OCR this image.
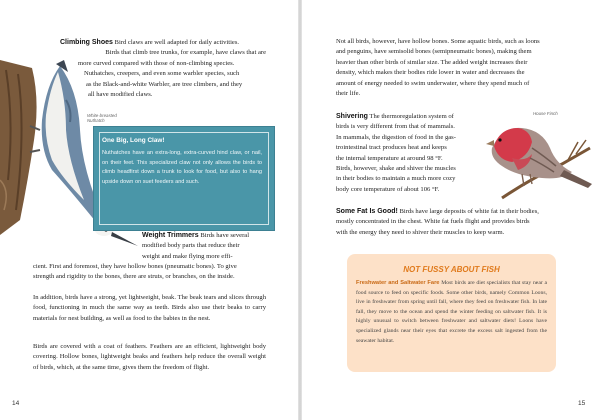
White-breasted
Nuthatch
Climbing Shoes Bird claws are well adapted for daily activities.
Birds that climb tree trunks, for example, have claws that are
more curved compared with those of non-climbing species.
Nuthatches, creepers, and even some warbler species, such
as the Black-and-white Warbler, are tree climbers, and they
all have modified claws.
One Big, Long Claw!

Nuthatches have an extra-long, extra-curved hind claw, or nail, on their feet. This specialized claw not only allows the birds to climb headfirst down a trunk to look for food, but also to hang upside down on suet feeders and such.

Weight Trimmers Birds have several
modified body parts that reduce their
weight and make flying more effi-
cient. First and foremost, they have hollow bones (pneumatic bones). To give
strength and rigidity to the bones, there are struts, or branches, on the inside.

In addition, birds have a strong, yet lightweight, beak. The beak tears and slices through food, functioning in much the same way as teeth. Birds also use their beaks to carry materials for nest building, as well as food to the babies in the nest.

Birds are covered with a coat of feathers. Feathers are an efficient, lightweight body covering. Hollow bones, lightweight beaks and feathers help reduce the overall weight of birds, which, at the same time, gives them the freedom of flight.

14
Not all birds, however, have hollow bones. Some aquatic birds, such as loons
and penguins, have semisolid bones (semipneumatic bones), making them
heavier than other birds of similar size. The added weight increases their
density, which makes their bodies ride lower in water and decreases the
amount of energy needed to swim underwater, where they spend much of
their life.
House Finch
Shivering The thermoregulation system of
birds is very different from that of mammals.
In mammals, the digestion of food in the gas-
trointestinal tract produces heat and keeps
the internal temperature at around 98 °F.
Birds, however, shake and shiver the muscles
in their bodies to maintain a much more cozy
body core temperature of about 106 °F.
Some Fat Is Good! Birds have large deposits of white fat in their bodies,
mostly concentrated in the chest. White fat fuels flight and provides birds
with the energy they need to shiver their muscles to keep warm.
NOT FUSSY ABOUT FISH

Freshwater and Saltwater Fare Most birds are diet specialists that stay near a food source to feed on specific foods. Some other birds, namely Common Loons, live in freshwater from spring until fall, where they feed on freshwater fish. In late fall, they move to the ocean and spend the winter feeding on saltwater fish. It is highly unusual to switch between freshwater and saltwater diets! Loons have specialized glands near their eyes that excrete the excess salt ingested from the seawater habitat.

15
